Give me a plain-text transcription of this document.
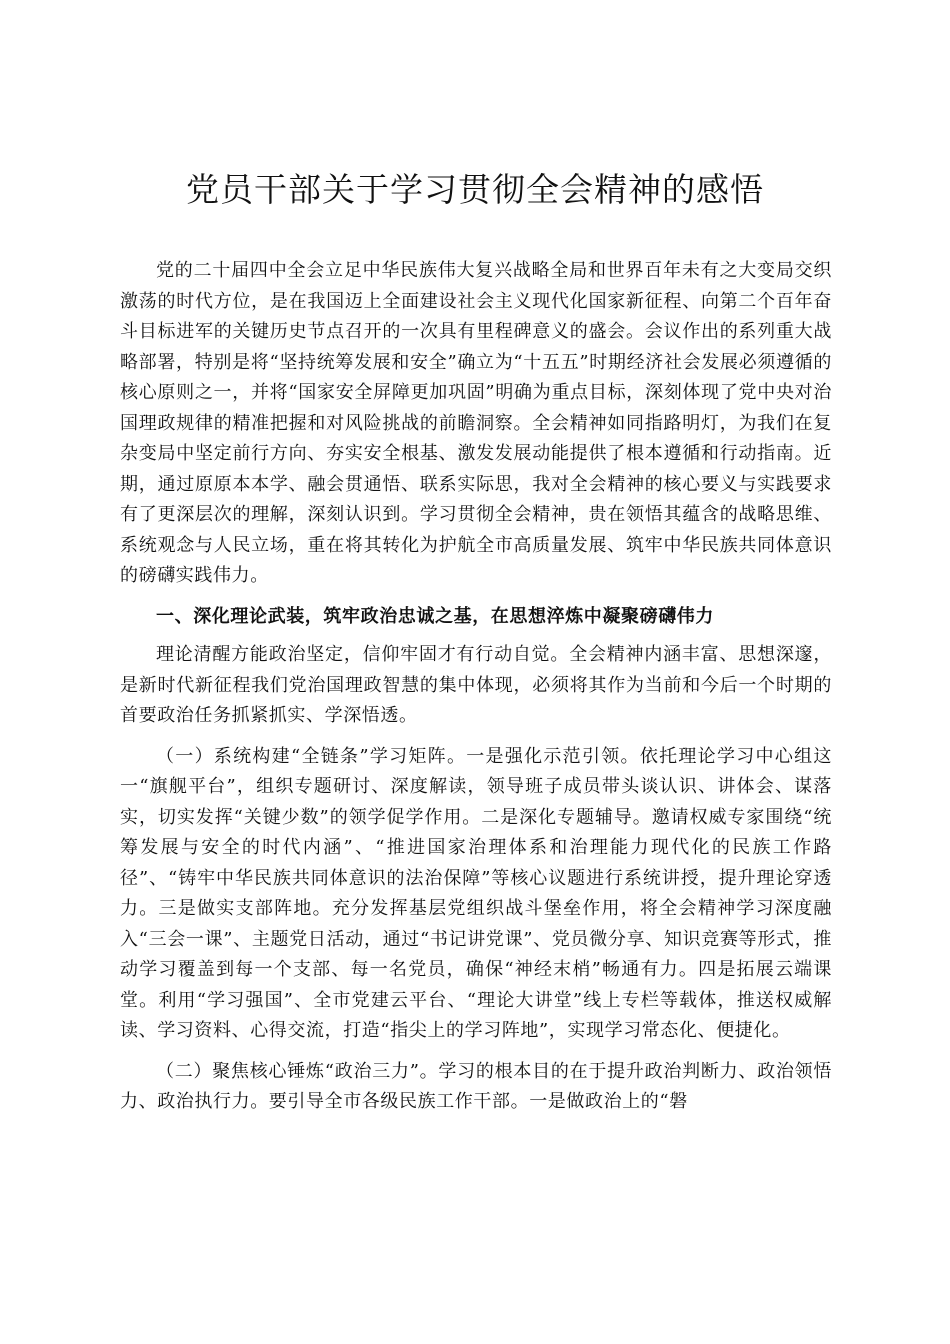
党员干部关于学习贯彻全会精神的感悟

党的二十届四中全会立足中华民族伟大复兴战略全局和世界百年未有之大变局交织激荡的时代方位，是在我国迈上全面建设社会主义现代化国家新征程、向第二个百年奋斗目标进军的关键历史节点召开的一次具有里程碑意义的盛会。会议作出的系列重大战略部署，特别是将“坚持统筹发展和安全”确立为“十五五”时期经济社会发展必须遵循的核心原则之一，并将“国家安全屏障更加巩固”明确为重点目标，深刻体现了党中央对治国理政规律的精准把握和对风险挑战的前瞻洞察。全会精神如同指路明灯，为我们在复杂变局中坚定前行方向、夯实安全根基、激发发展动能提供了根本遵循和行动指南。近期，通过原原本本学、融会贯通悟、联系实际思，我对全会精神的核心要义与实践要求有了更深层次的理解，深刻认识到。学习贯彻全会精神，贵在领悟其蕴含的战略思维、系统观念与人民立场，重在将其转化为护航全市高质量发展、筑牢中华民族共同体意识的磅礴实践伟力。

一、深化理论武装，筑牢政治忠诚之基，在思想淬炼中凝聚磅礴伟力

理论清醒方能政治坚定，信仰牢固才有行动自觉。全会精神内涵丰富、思想深邃，是新时代新征程我们党治国理政智慧的集中体现，必须将其作为当前和今后一个时期的首要政治任务抓紧抓实、学深悟透。

（一）系统构建“全链条”学习矩阵。一是强化示范引领。依托理论学习中心组这一“旗舰平台”，组织专题研讨、深度解读，领导班子成员带头谈认识、讲体会、谋落实，切实发挥“关键少数”的领学促学作用。二是深化专题辅导。邀请权威专家围绕“统筹发展与安全的时代内涵”、“推进国家治理体系和治理能力现代化的民族工作路径”、“铸牢中华民族共同体意识的法治保障”等核心议题进行系统讲授，提升理论穿透力。三是做实支部阵地。充分发挥基层党组织战斗堡垒作用，将全会精神学习深度融入“三会一课”、主题党日活动，通过“书记讲党课”、党员微分享、知识竞赛等形式，推动学习覆盖到每一个支部、每一名党员，确保“神经末梢”畅通有力。四是拓展云端课堂。利用“学习强国”、全市党建云平台、“理论大讲堂”线上专栏等载体，推送权威解读、学习资料、心得交流，打造“指尖上的学习阵地”，实现学习常态化、便捷化。

（二）聚焦核心锤炼“政治三力”。学习的根本目的在于提升政治判断力、政治领悟力、政治执行力。要引导全市各级民族工作干部。一是做政治上的“磐
